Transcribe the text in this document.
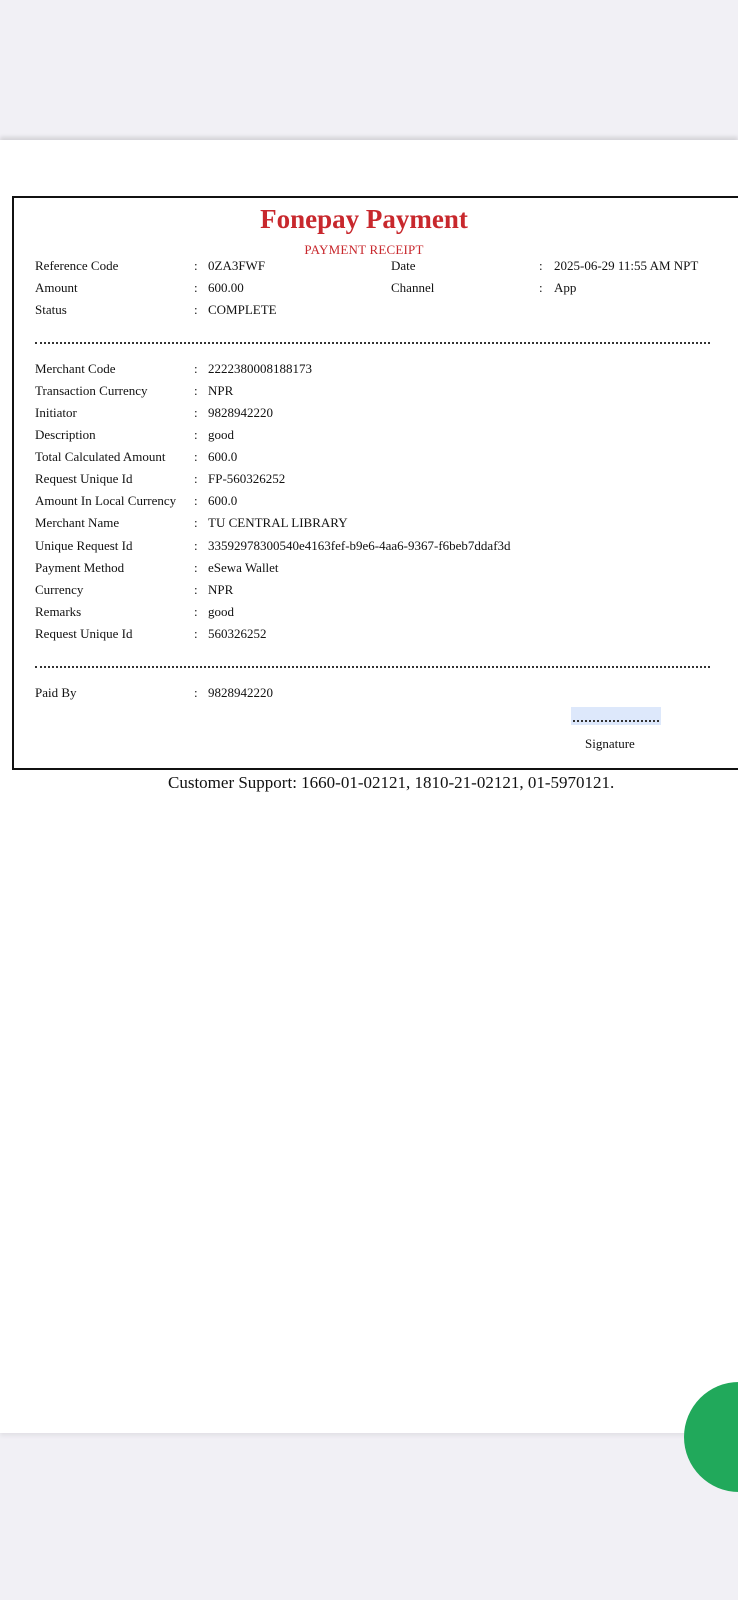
Fonepay Payment
PAYMENT RECEIPT
Reference Code	: 0ZA3FWF
Amount	: 600.00
Status	: COMPLETE
Date	: 2025-06-29 11:55 AM NPT
Channel	: App
Merchant Code	: 2222380008188173
Transaction Currency	: NPR
Initiator	: 9828942220
Description	: good
Total Calculated Amount : 600.0
Request Unique Id	: FP-560326252
Amount In Local Currency : 600.0
Merchant Name	: TU CENTRAL LIBRARY
Unique Request Id	: 33592978300540e4163fef-b9e6-4aa6-9367-f6beb7ddaf3d
Payment Method	: eSewa Wallet
Currency	: NPR
Remarks	: good
Request Unique Id	: 560326252
Paid By	: 9828942220
Signature
Customer Support: 1660-01-02121, 1810-21-02121, 01-5970121.
